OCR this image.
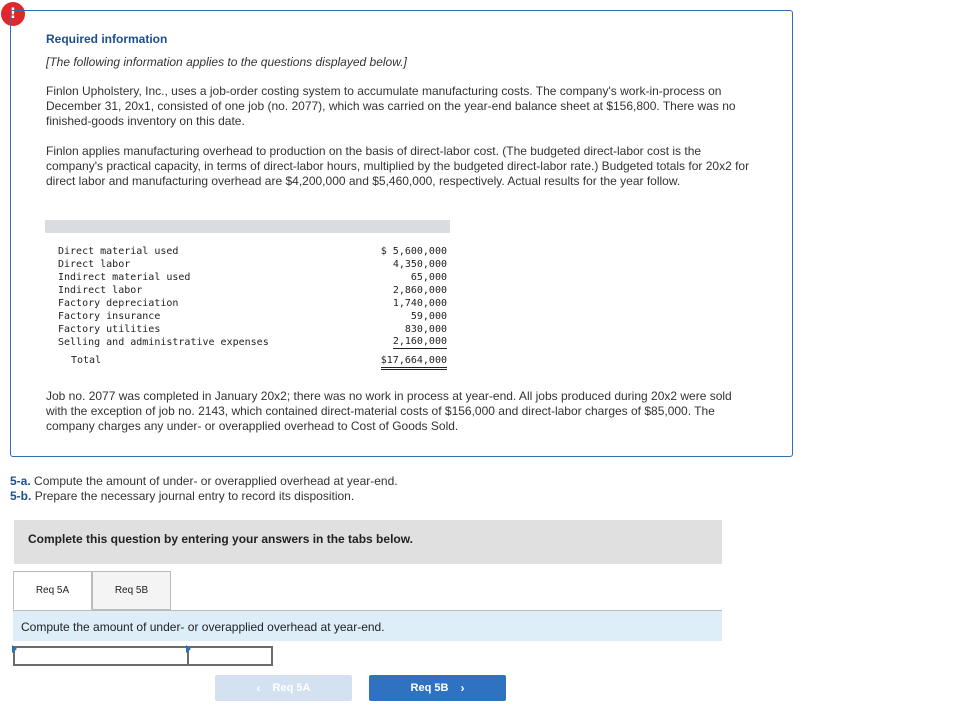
!
Required information
[The following information applies to the questions displayed below.]
Finlon Upholstery, Inc., uses a job-order costing system to accumulate manufacturing costs. The company's work-in-process on December 31, 20x1, consisted of one job (no. 2077), which was carried on the year-end balance sheet at $156,800. There was no finished-goods inventory on this date.
Finlon applies manufacturing overhead to production on the basis of direct-labor cost. (The budgeted direct-labor cost is the company's practical capacity, in terms of direct-labor hours, multiplied by the budgeted direct-labor rate.) Budgeted totals for 20x2 for direct labor and manufacturing overhead are $4,200,000 and $5,460,000, respectively. Actual results for the year follow.
Direct material used	$ 5,600,000
Direct labor	4,350,000
Indirect material used	65,000
Indirect labor	2,860,000
Factory depreciation	1,740,000
Factory insurance	59,000
Factory utilities	830,000
Selling and administrative expenses	2,160,000
Total	$17,664,000
Job no. 2077 was completed in January 20x2; there was no work in process at year-end. All jobs produced during 20x2 were sold with the exception of job no. 2143, which contained direct-material costs of $156,000 and direct-labor charges of $85,000. The company charges any under- or overapplied overhead to Cost of Goods Sold.
5-a. Compute the amount of under- or overapplied overhead at year-end.
5-b. Prepare the necessary journal entry to record its disposition.
Complete this question by entering your answers in the tabs below.
Req 5A	Req 5B
Compute the amount of under- or overapplied overhead at year-end.
‹ Req 5A	Req 5B ›
